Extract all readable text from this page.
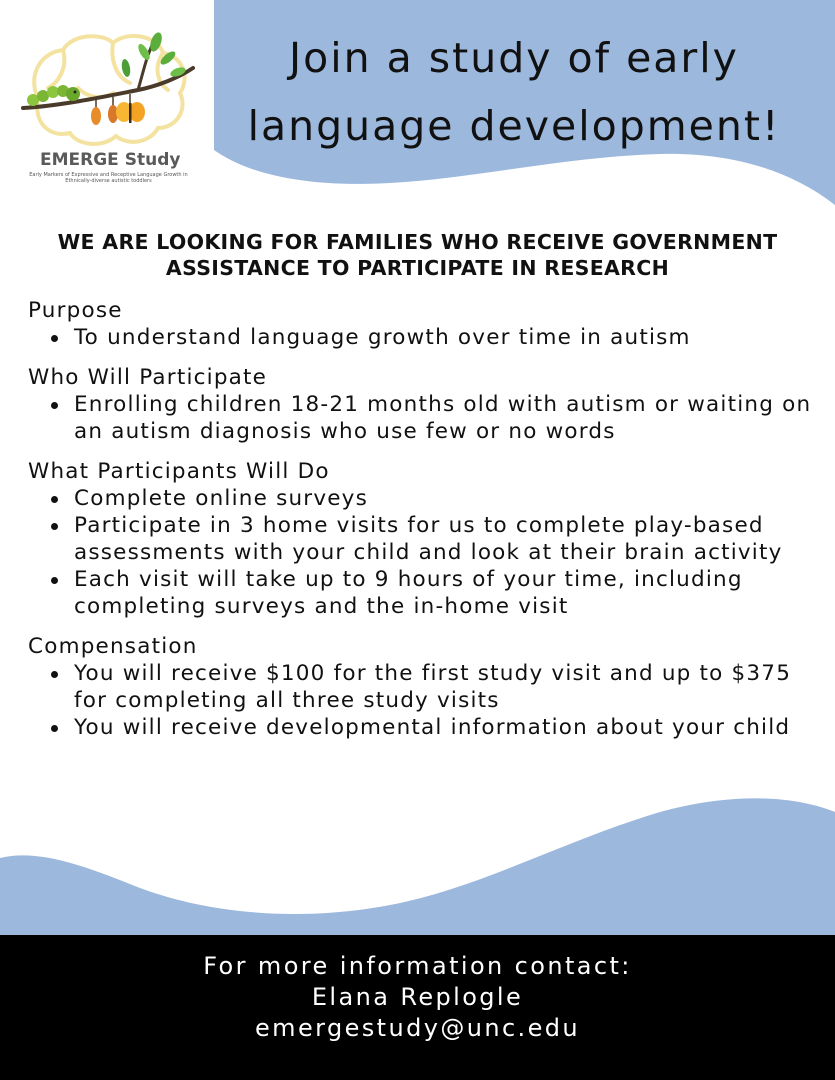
EMERGE Study
Early Markers of Expressive and Receptive Language Growth in Ethnically-diverse autistic toddlers
Join a study of early
language development!
WE ARE LOOKING FOR FAMILIES WHO RECEIVE GOVERNMENT
ASSISTANCE TO PARTICIPATE IN RESEARCH
Purpose
To understand language growth over time in autism
Who Will Participate
Enrolling children 18-21 months old with autism or waiting on an autism diagnosis who use few or no words
What Participants Will Do
Complete online surveys
Participate in 3 home visits for us to complete play-based assessments with your child and look at their brain activity
Each visit will take up to 9 hours of your time, including completing surveys and the in-home visit
Compensation
You will receive $100 for the first study visit and up to $375 for completing all three study visits
You will receive developmental information about your child
For more information contact:
Elana Replogle
emergestudy@unc.edu
